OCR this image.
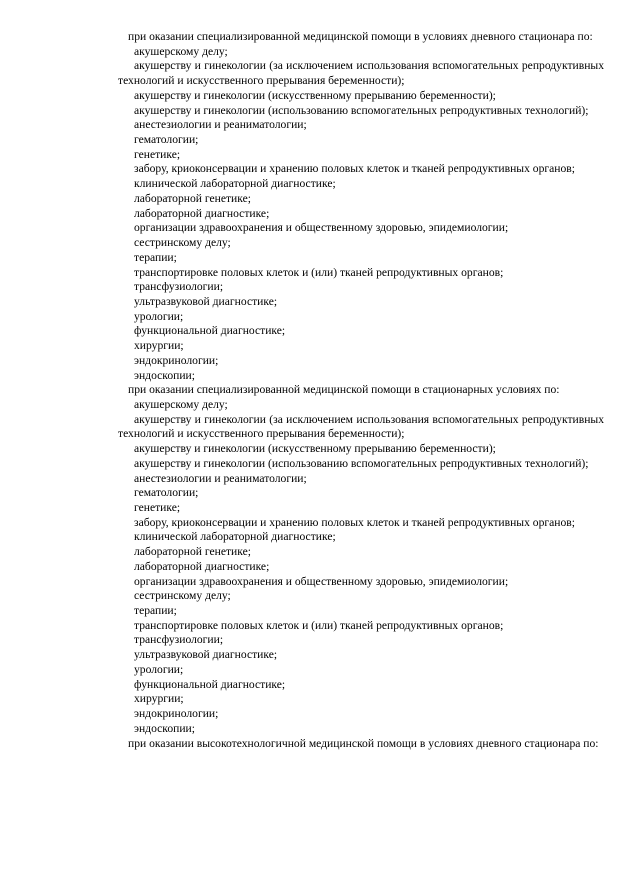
при оказании специализированной медицинской помощи в условиях дневного стационара по:

акушерскому делу;

акушерству и гинекологии (за исключением использования вспомогательных репродуктивных технологий и искусственного прерывания беременности);

акушерству и гинекологии (искусственному прерыванию беременности);

акушерству и гинекологии (использованию вспомогательных репродуктивных технологий);

анестезиологии и реаниматологии;

гематологии;

генетике;

забору, криоконсервации и хранению половых клеток и тканей репродуктивных органов;

клинической лабораторной диагностике;

лабораторной генетике;

лабораторной диагностике;

организации здравоохранения и общественному здоровью, эпидемиологии;

сестринскому делу;

терапии;

транспортировке половых клеток и (или) тканей репродуктивных органов;

трансфузиологии;

ультразвуковой диагностике;

урологии;

функциональной диагностике;

хирургии;

эндокринологии;

эндоскопии;

при оказании специализированной медицинской помощи в стационарных условиях по:

акушерскому делу;

акушерству и гинекологии (за исключением использования вспомогательных репродуктивных технологий и искусственного прерывания беременности);

акушерству и гинекологии (искусственному прерыванию беременности);

акушерству и гинекологии (использованию вспомогательных репродуктивных технологий);

анестезиологии и реаниматологии;

гематологии;

генетике;

забору, криоконсервации и хранению половых клеток и тканей репродуктивных органов;

клинической лабораторной диагностике;

лабораторной генетике;

лабораторной диагностике;

организации здравоохранения и общественному здоровью, эпидемиологии;

сестринскому делу;

терапии;

транспортировке половых клеток и (или) тканей репродуктивных органов;

трансфузиологии;

ультразвуковой диагностике;

урологии;

функциональной диагностике;

хирургии;

эндокринологии;

эндоскопии;

при оказании высокотехнологичной медицинской помощи в условиях дневного стационара по:
